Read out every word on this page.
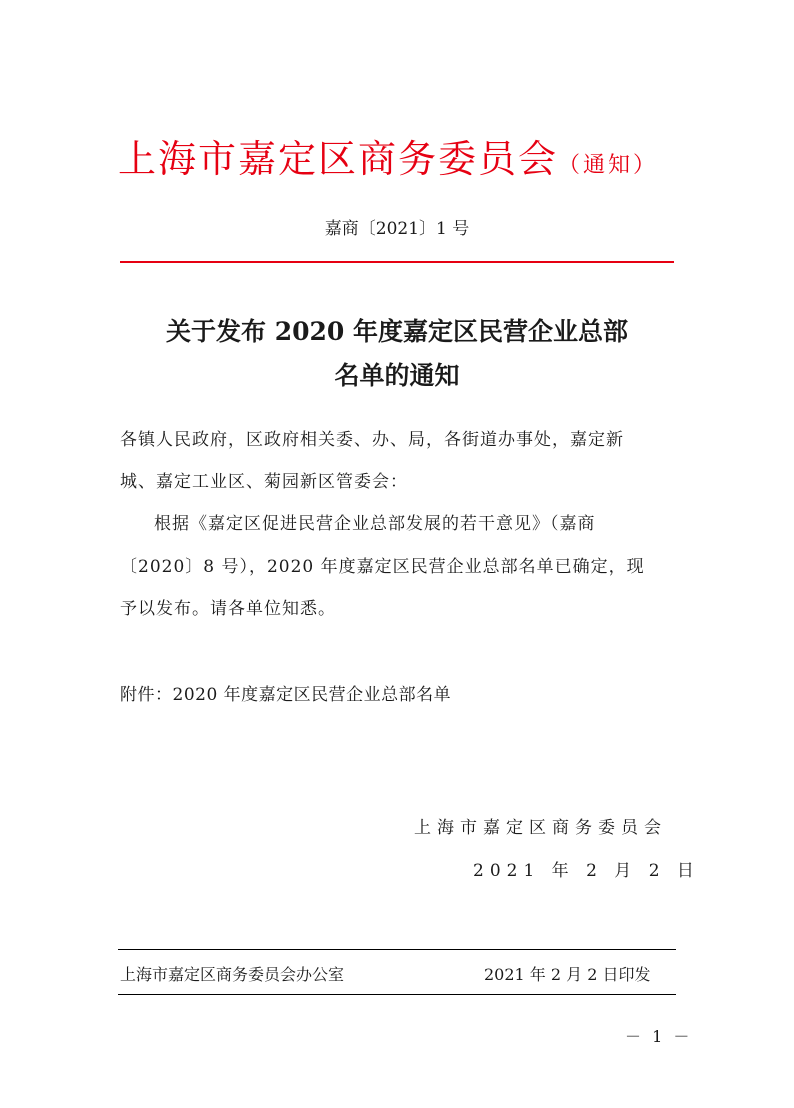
上海市嘉定区商务委员会（通知）
嘉商〔2021〕1 号
关于发布 2020 年度嘉定区民营企业总部
名单的通知
各镇人民政府，区政府相关委、办、局，各街道办事处，嘉定新
城、嘉定工业区、菊园新区管委会：
根据《嘉定区促进民营企业总部发展的若干意见》（嘉商
〔2020〕8 号），2020 年度嘉定区民营企业总部名单已确定，现
予以发布。请各单位知悉。
附件：2020 年度嘉定区民营企业总部名单
上海市嘉定区商务委员会
2021 年 2 月 2 日
上海市嘉定区商务委员会办公室	2021 年 2 月 2 日印发
－ 1 －
